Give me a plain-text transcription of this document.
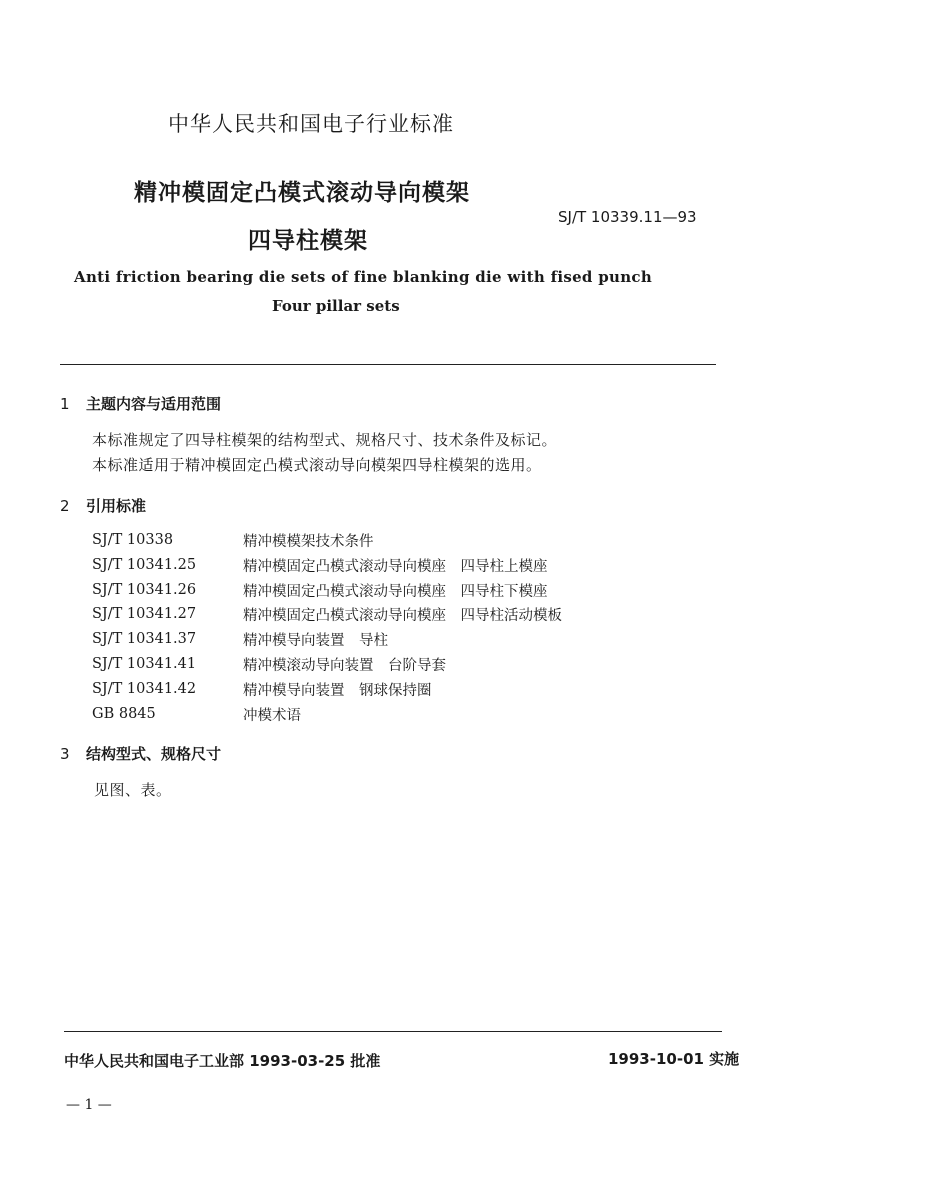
中华人民共和国电子行业标准
精冲模固定凸模式滚动导向模架
四导柱模架
SJ/T 10339.11—93
Anti friction bearing die sets of fine blanking die with fised punch
Four pillar sets
1 主题内容与适用范围
本标准规定了四导柱模架的结构型式、规格尺寸、技术条件及标记。
本标准适用于精冲模固定凸模式滚动导向模架四导柱模架的选用。
2 引用标准
SJ/T 10338	精冲模模架技术条件
SJ/T 10341.25	精冲模固定凸模式滚动导向模座　四导柱上模座
SJ/T 10341.26	精冲模固定凸模式滚动导向模座　四导柱下模座
SJ/T 10341.27	精冲模固定凸模式滚动导向模座　四导柱活动模板
SJ/T 10341.37	精冲模导向装置　导柱
SJ/T 10341.41	精冲模滚动导向装置　台阶导套
SJ/T 10341.42	精冲模导向装置　钢球保持圈
GB 8845	冲模术语
3 结构型式、规格尺寸
见图、表。
中华人民共和国电子工业部 1993-03-25 批准	1993-10-01 实施
— 1 —
